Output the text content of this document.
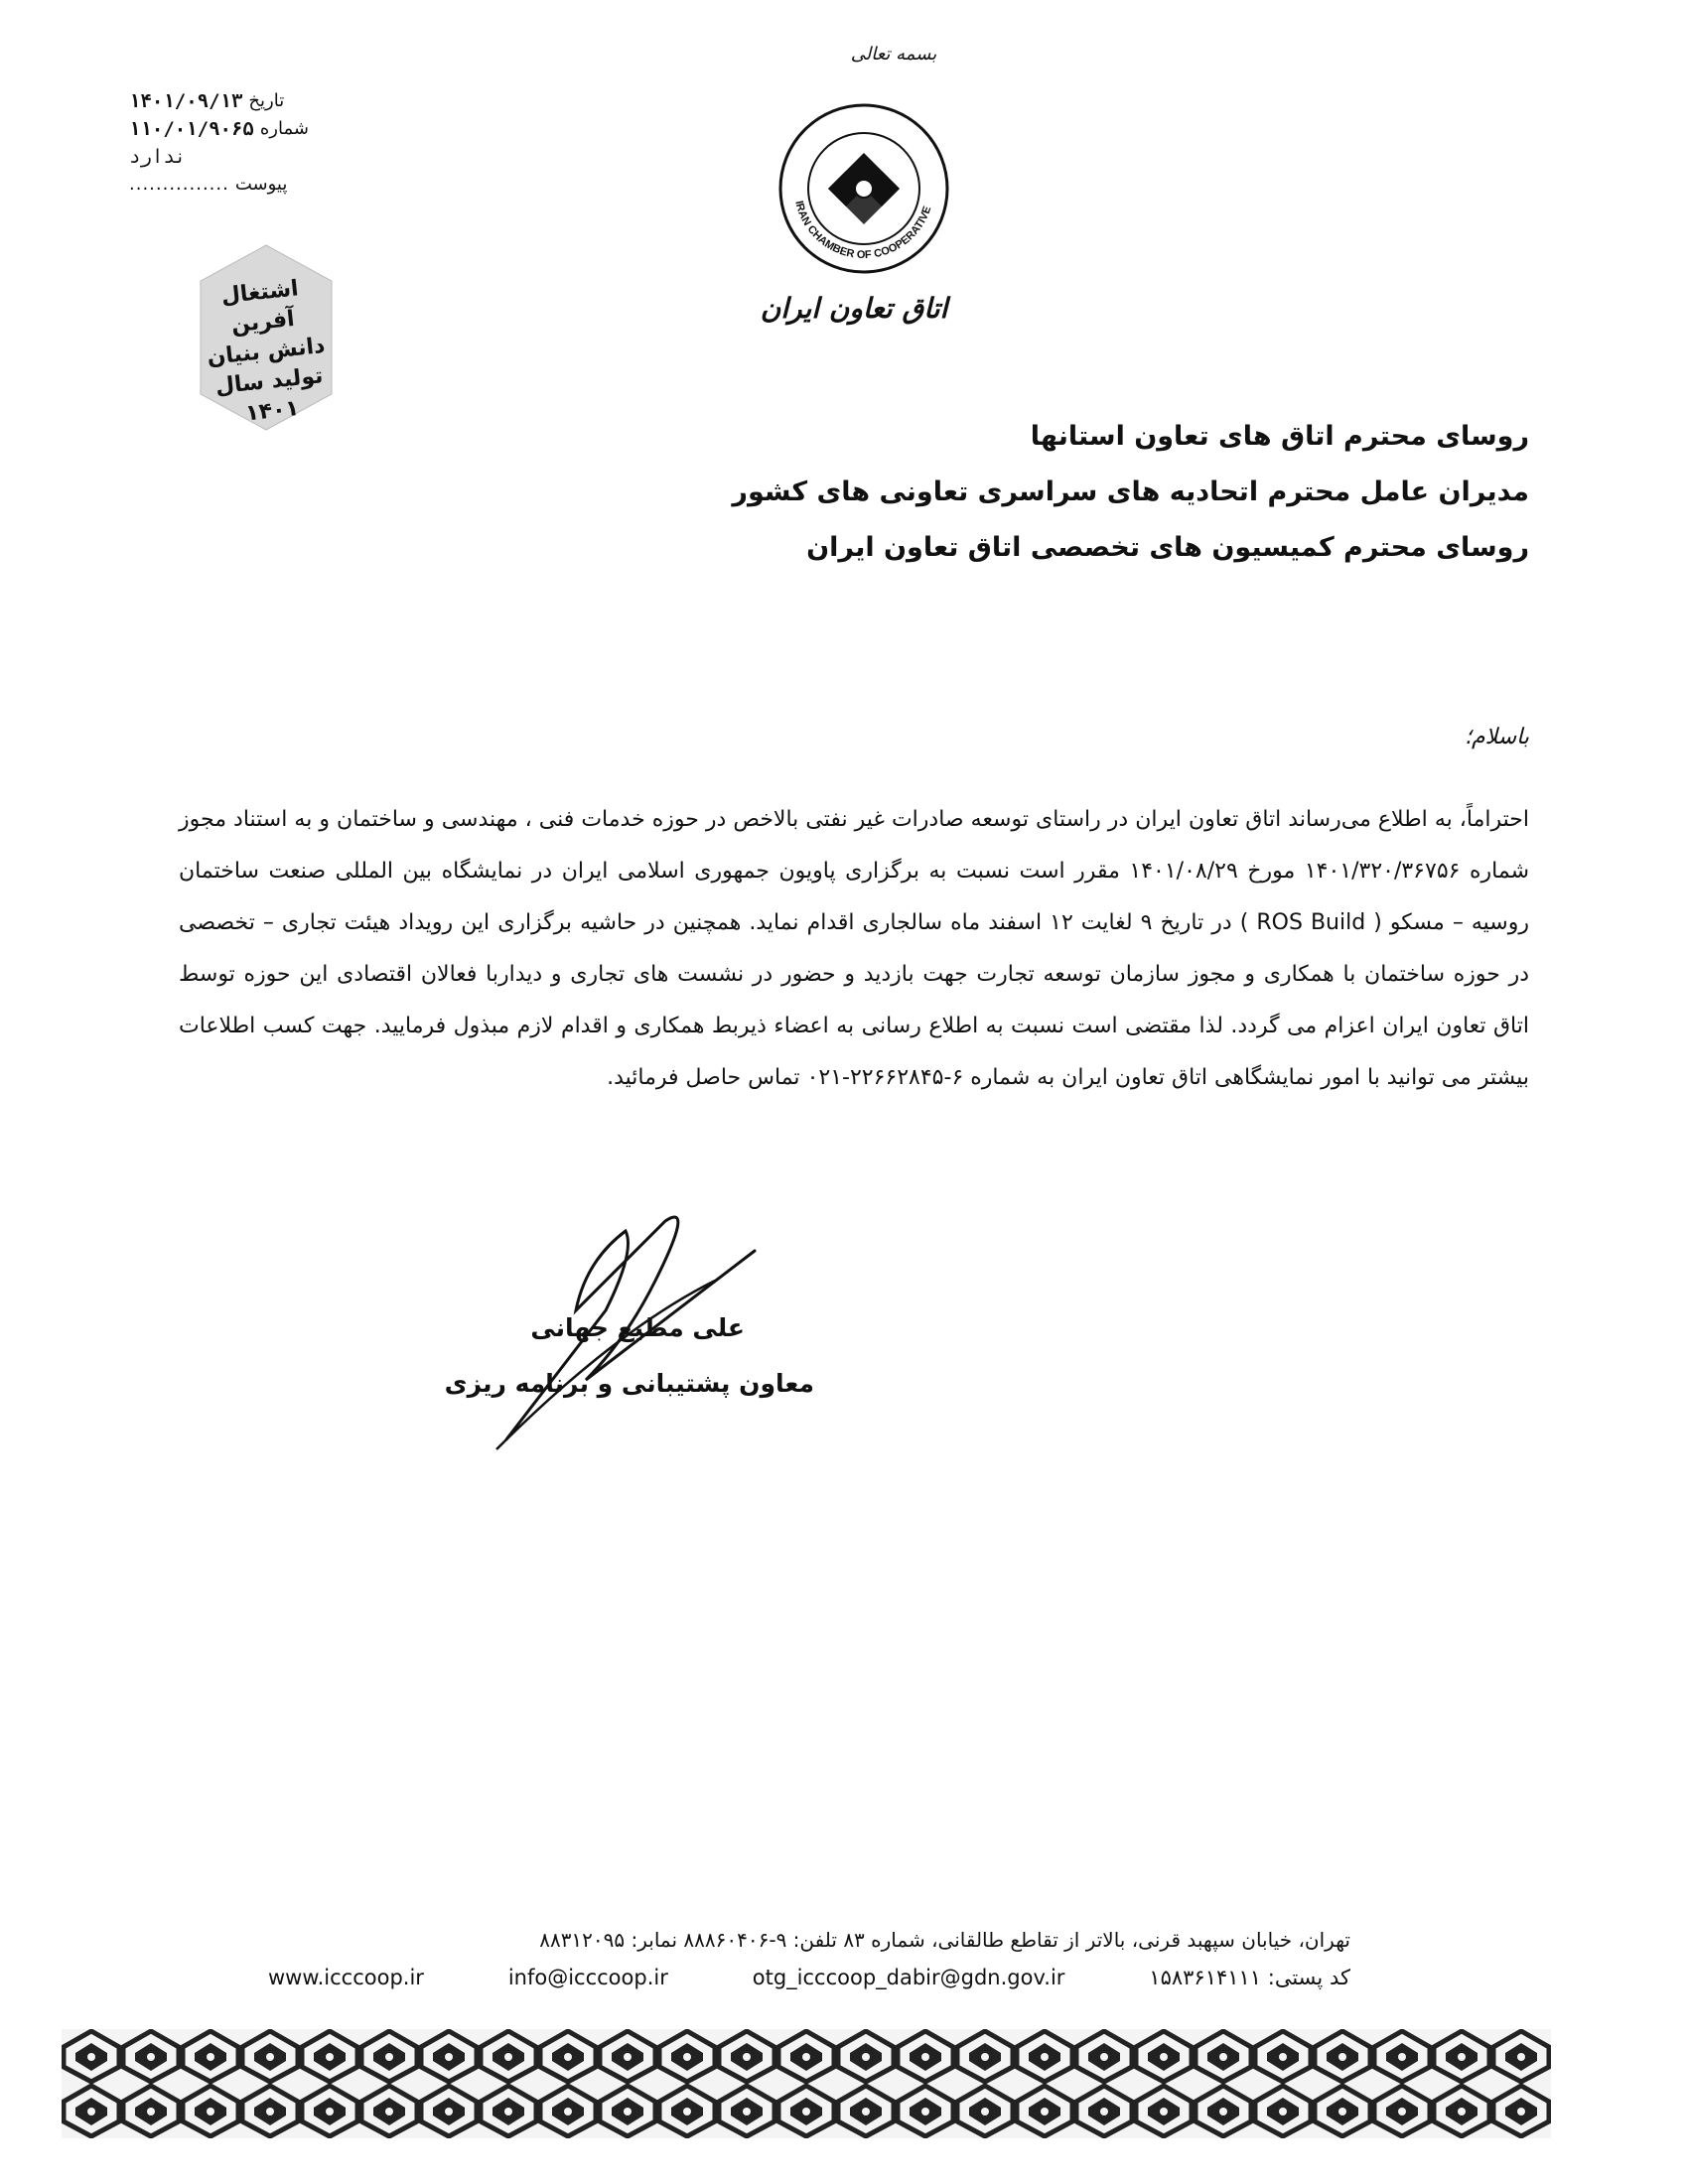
بسمه تعالی
IRAN CHAMBER OF COOPERATIVE
اتاق تعاون ایران
تاریخ
۱۴۰۱/۰۹/۱۳
شماره
۱۱۰/۰۱/۹۰۶۵
ندارد
پیوست
...............
اشتغال آفرین دانش بنیان تولید سال ۱۴۰۱
روسای محترم اتاق های تعاون استانها
مدیران عامل محترم اتحادیه های سراسری تعاونی های کشور
روسای محترم کمیسیون های تخصصی اتاق تعاون ایران
باسلام؛

احتراماً، به اطلاع می‌رساند اتاق تعاون ایران در راستای توسعه صادرات غیر نفتی بالاخص در حوزه خدمات فنی ، مهندسی و ساختمان و به استناد مجوز شماره ۱۴۰۱/۳۲۰/۳۶۷۵۶ مورخ ۱۴۰۱/۰۸/۲۹ مقرر است نسبت به برگزاری پاویون جمهوری اسلامی ایران در نمایشگاه بین المللی صنعت ساختمان روسیه – مسکو ( ROS Build ) در تاریخ ۹ لغایت ۱۲ اسفند ماه سالجاری اقدام نماید. همچنین در حاشیه برگزاری این رویداد هیئت تجاری – تخصصی در حوزه ساختمان با همکاری و مجوز سازمان توسعه تجارت جهت بازدید و حضور در نشست های تجاری و دیداربا فعالان اقتصادی این حوزه توسط اتاق تعاون ایران اعزام می گردد. لذا مقتضی است نسبت به اطلاع رسانی به اعضاء ذیربط همکاری و اقدام لازم مبذول فرمایید. جهت کسب اطلاعات بیشتر می توانید با امور نمایشگاهی اتاق تعاون ایران به شماره ۶-۲۲۶۶۲۸۴۵-۰۲۱ تماس حاصل فرمائید.

علی مطیع جهانی
معاون پشتیبانی و برنامه ریزی
تهران، خیابان سپهبد قرنی، بالاتر از تقاطع طالقانی، شماره ۸۳ تلفن: ۹-۸۸۸۶۰۴۰۶ نمابر: ۸۸۳۱۲۰۹۵
www.icccoop.ir	info@icccoop.ir	otg_icccoop_dabir@gdn.gov.ir	کد پستی: ۱۵۸۳۶۱۴۱۱۱
